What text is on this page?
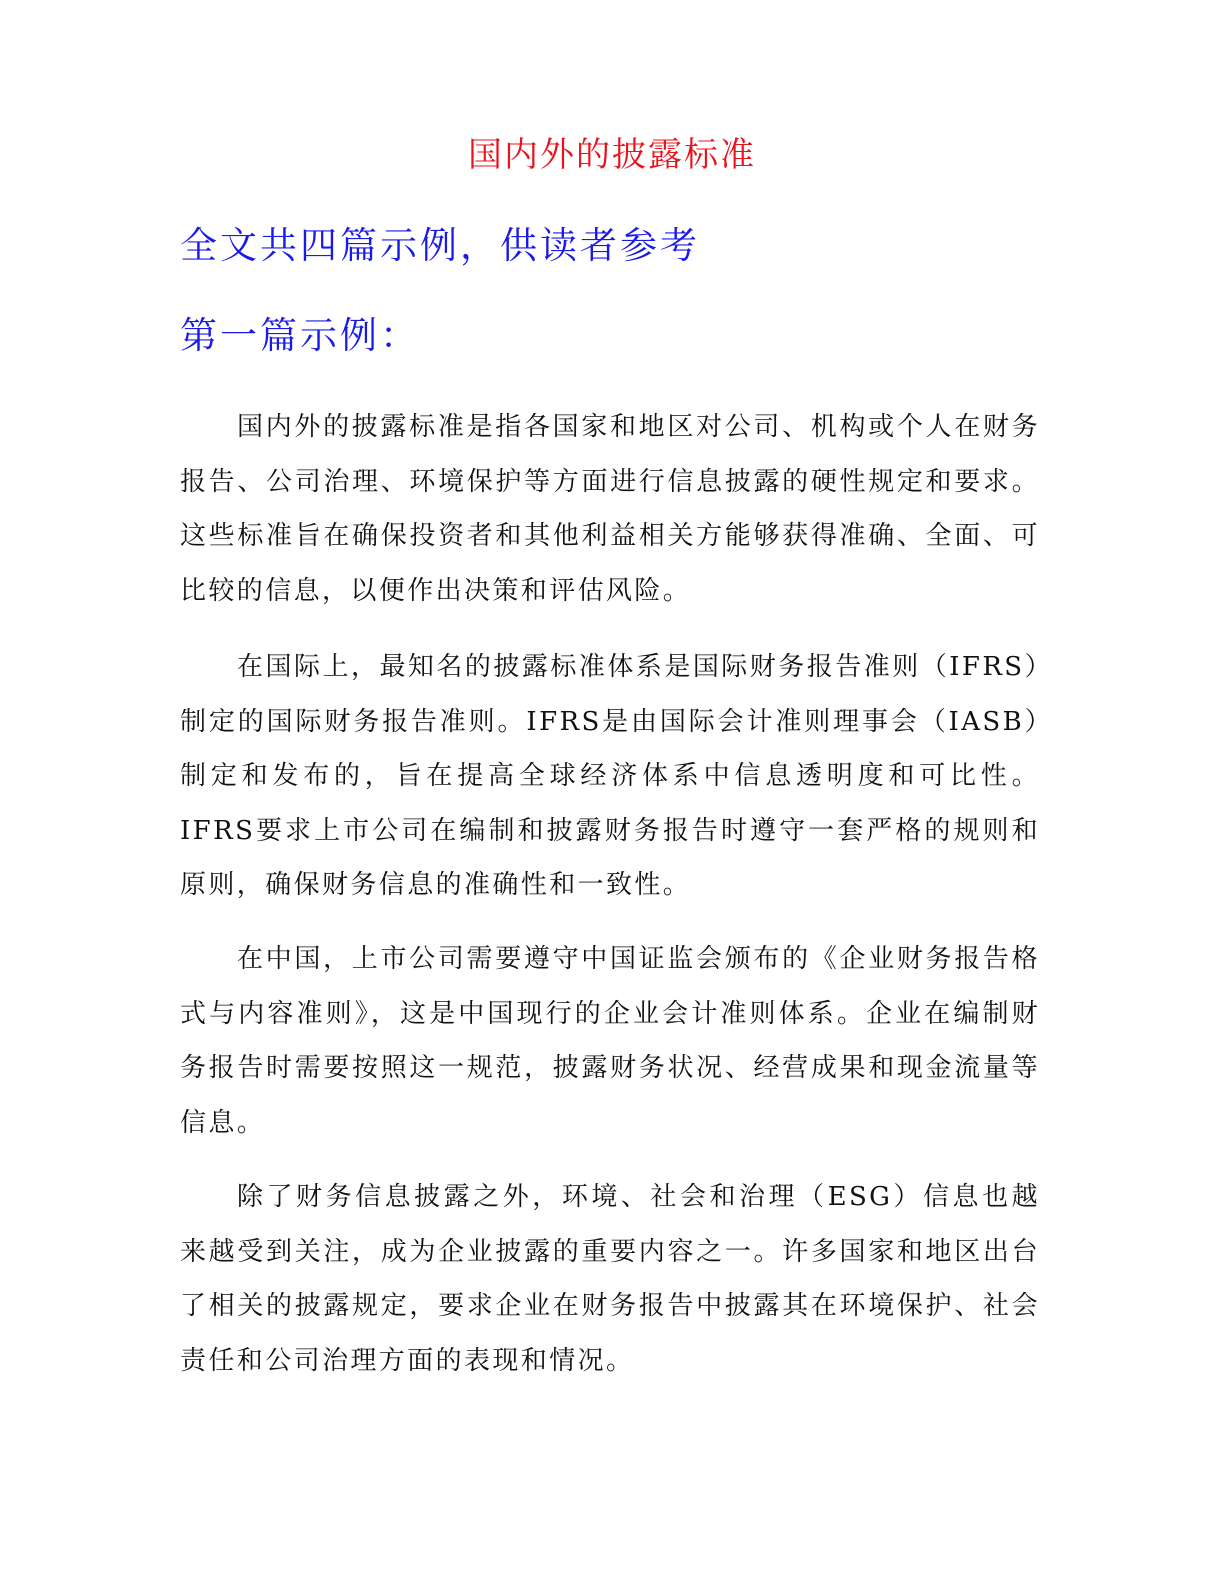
国内外的披露标准
全文共四篇示例，供读者参考
第一篇示例：

国内外的披露标准是指各国家和地区对公司、机构或个人在财务报告、公司治理、环境保护等方面进行信息披露的硬性规定和要求。这些标准旨在确保投资者和其他利益相关方能够获得准确、全面、可比较的信息，以便作出决策和评估风险。

在国际上，最知名的披露标准体系是国际财务报告准则（IFRS）制定的国际财务报告准则。IFRS是由国际会计准则理事会（IASB）制定和发布的，旨在提高全球经济体系中信息透明度和可比性。IFRS要求上市公司在编制和披露财务报告时遵守一套严格的规则和原则，确保财务信息的准确性和一致性。

在中国，上市公司需要遵守中国证监会颁布的《企业财务报告格式与内容准则》，这是中国现行的企业会计准则体系。企业在编制财务报告时需要按照这一规范，披露财务状况、经营成果和现金流量等信息。

除了财务信息披露之外，环境、社会和治理（ESG）信息也越来越受到关注，成为企业披露的重要内容之一。许多国家和地区出台了相关的披露规定，要求企业在财务报告中披露其在环境保护、社会责任和公司治理方面的表现和情况。
